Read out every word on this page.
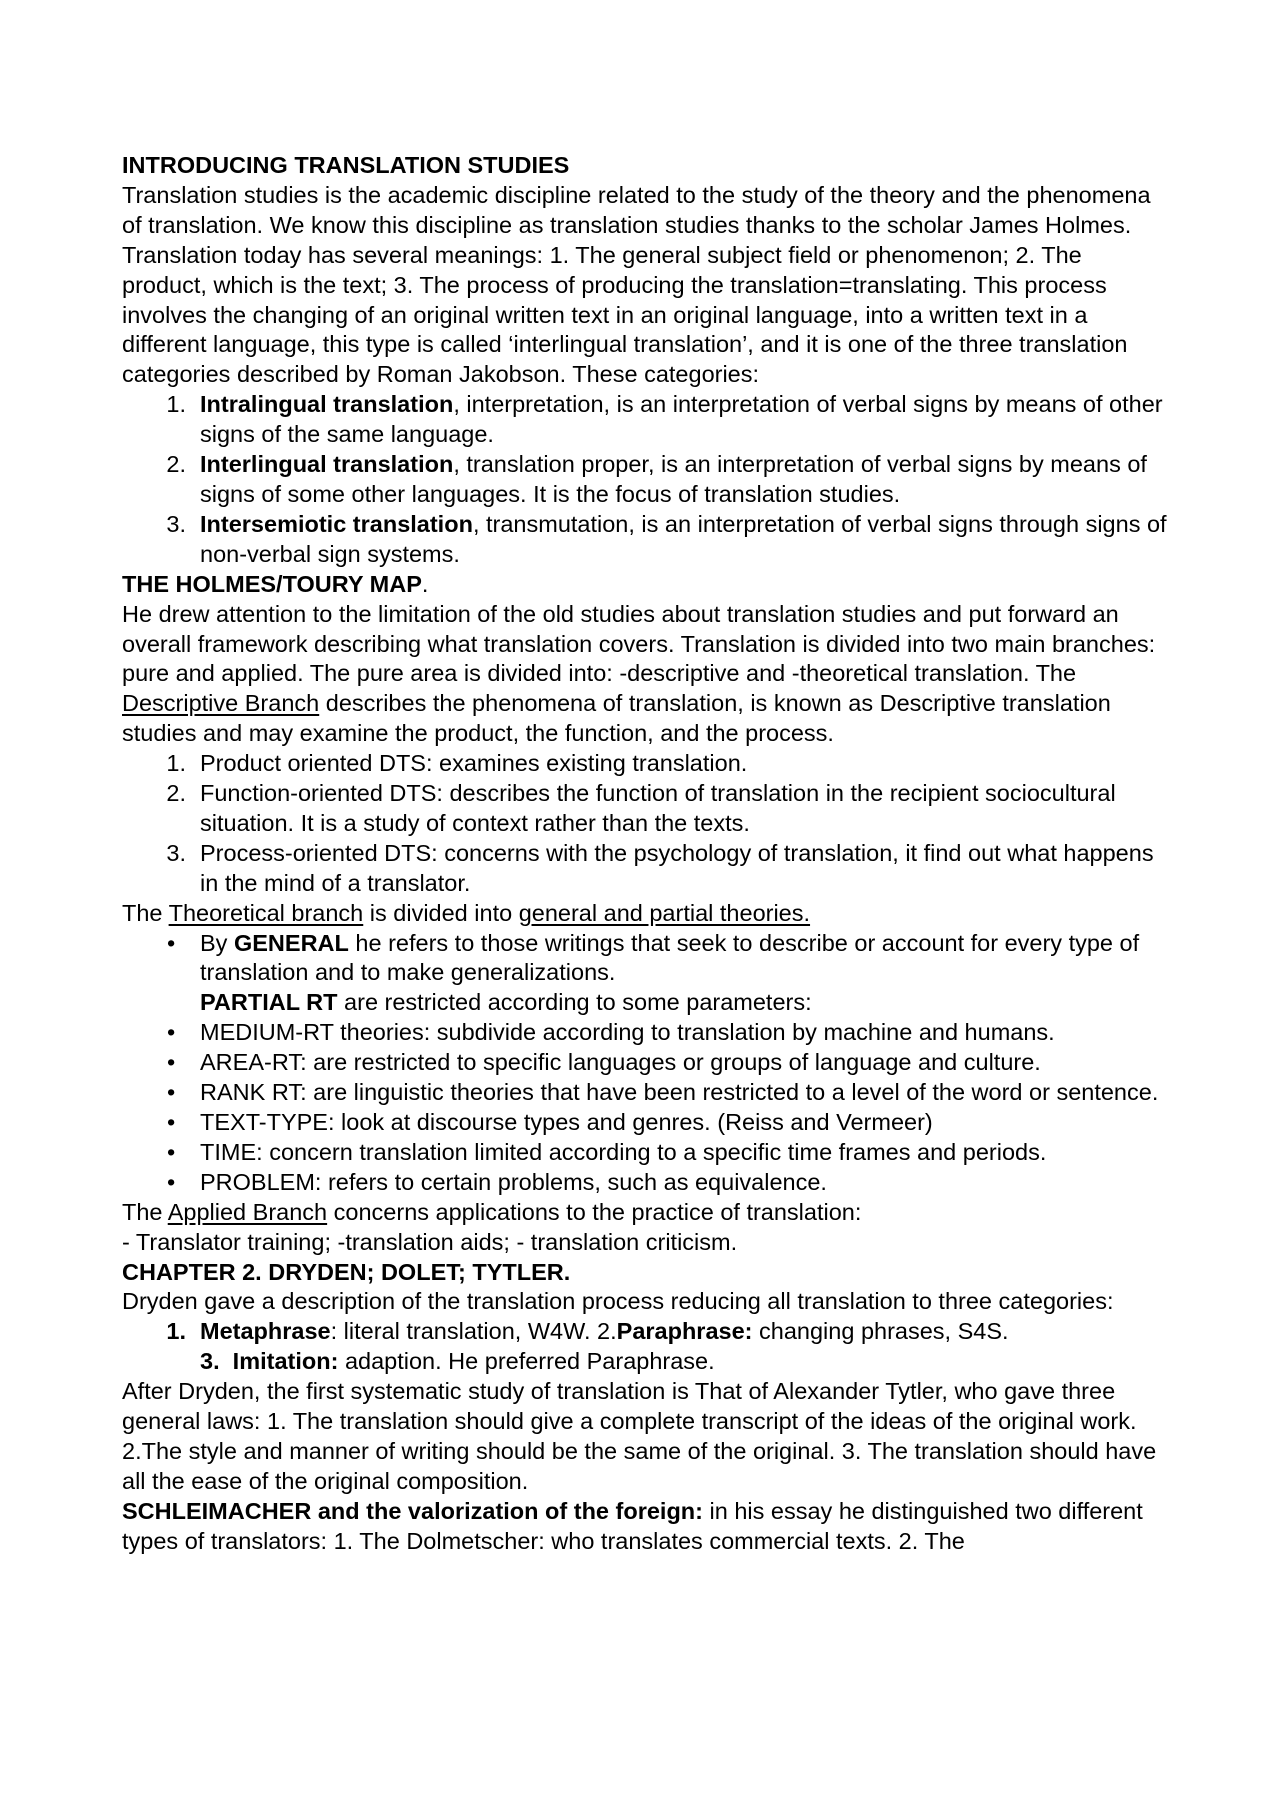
INTRODUCING TRANSLATION STUDIES

Translation studies is the academic discipline related to the study of the theory and the phenomena of translation. We know this discipline as translation studies thanks to the scholar James Holmes. Translation today has several meanings: 1. The general subject field or phenomenon; 2. The product, which is the text; 3. The process of producing the translation=translating. This process involves the changing of an original written text in an original language, into a written text in a different language, this type is called ‘interlingual translation’, and it is one of the three translation categories described by Roman Jakobson. These categories:

1. Intralingual translation, interpretation, is an interpretation of verbal signs by means of other signs of the same language.
2. Interlingual translation, translation proper, is an interpretation of verbal signs by means of signs of some other languages. It is the focus of translation studies.
3. Intersemiotic translation, transmutation, is an interpretation of verbal signs through signs of non-verbal sign systems.

THE HOLMES/TOURY MAP.

He drew attention to the limitation of the old studies about translation studies and put forward an overall framework describing what translation covers. Translation is divided into two main branches: pure and applied. The pure area is divided into: -descriptive and -theoretical translation. The Descriptive Branch describes the phenomena of translation, is known as Descriptive translation studies and may examine the product, the function, and the process.

1. Product oriented DTS: examines existing translation.
2. Function-oriented DTS: describes the function of translation in the recipient sociocultural situation. It is a study of context rather than the texts.
3. Process-oriented DTS: concerns with the psychology of translation, it find out what happens in the mind of a translator.

The Theoretical branch is divided into general and partial theories.

• By GENERAL he refers to those writings that seek to describe or account for every type of translation and to make generalizations.
PARTIAL RT are restricted according to some parameters:
• MEDIUM-RT theories: subdivide according to translation by machine and humans.
• AREA-RT: are restricted to specific languages or groups of language and culture.
• RANK RT: are linguistic theories that have been restricted to a level of the word or sentence.
• TEXT-TYPE: look at discourse types and genres. (Reiss and Vermeer)
• TIME: concern translation limited according to a specific time frames and periods.
• PROBLEM: refers to certain problems, such as equivalence.

The Applied Branch concerns applications to the practice of translation:

- Translator training; -translation aids; - translation criticism.

CHAPTER 2. DRYDEN; DOLET; TYTLER.

Dryden gave a description of the translation process reducing all translation to three categories:

1. Metaphrase: literal translation, W4W. 2.Paraphrase: changing phrases, S4S.
3. Imitation: adaption. He preferred Paraphrase.

After Dryden, the first systematic study of translation is That of Alexander Tytler, who gave three general laws: 1. The translation should give a complete transcript of the ideas of the original work.

2.The style and manner of writing should be the same of the original. 3. The translation should have all the ease of the original composition.

SCHLEIMACHER and the valorization of the foreign: in his essay he distinguished two different types of translators: 1. The Dolmetscher: who translates commercial texts. 2. The
